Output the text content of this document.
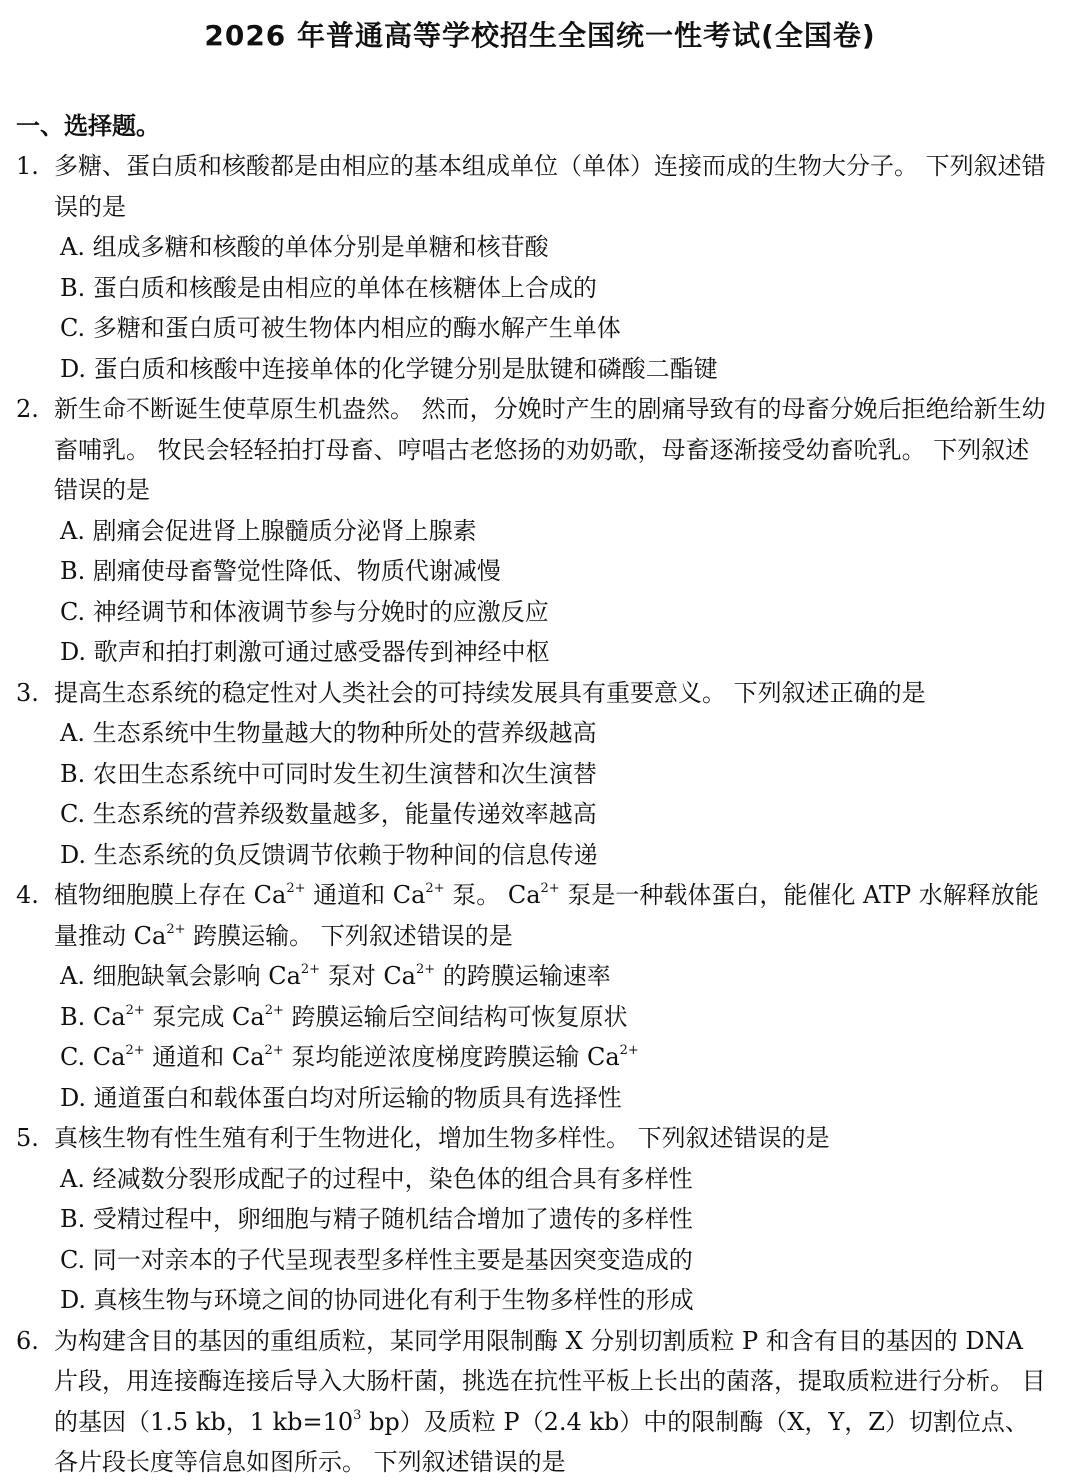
2026 年普通高等学校招生全国统一性考试(全国卷)
一、选择题。
1. 多糖、蛋白质和核酸都是由相应的基本组成单位（单体）连接而成的生物大分子。 下列叙述错误的是
A. 组成多糖和核酸的单体分别是单糖和核苷酸
B. 蛋白质和核酸是由相应的单体在核糖体上合成的
C. 多糖和蛋白质可被生物体内相应的酶水解产生单体
D. 蛋白质和核酸中连接单体的化学键分别是肽键和磷酸二酯键
2. 新生命不断诞生使草原生机盎然。 然而，分娩时产生的剧痛导致有的母畜分娩后拒绝给新生幼畜哺乳。 牧民会轻轻拍打母畜、哼唱古老悠扬的劝奶歌，母畜逐渐接受幼畜吮乳。 下列叙述错误的是
A. 剧痛会促进肾上腺髓质分泌肾上腺素
B. 剧痛使母畜警觉性降低、物质代谢减慢
C. 神经调节和体液调节参与分娩时的应激反应
D. 歌声和拍打刺激可通过感受器传到神经中枢
3. 提高生态系统的稳定性对人类社会的可持续发展具有重要意义。 下列叙述正确的是
A. 生态系统中生物量越大的物种所处的营养级越高
B. 农田生态系统中可同时发生初生演替和次生演替
C. 生态系统的营养级数量越多，能量传递效率越高
D. 生态系统的负反馈调节依赖于物种间的信息传递
4. 植物细胞膜上存在 $Ca^{2+}$ 通道和 $Ca^{2+}$ 泵。 $Ca^{2+}$ 泵是一种载体蛋白，能催化 ATP 水解释放能量推动 $Ca^{2+}$ 跨膜运输。 下列叙述错误的是
A. 细胞缺氧会影响 $Ca^{2+}$ 泵对 $Ca^{2+}$ 的跨膜运输速率
B. $Ca^{2+}$ 泵完成 $Ca^{2+}$ 跨膜运输后空间结构可恢复原状
C. $Ca^{2+}$ 通道和 $Ca^{2+}$ 泵均能逆浓度梯度跨膜运输 $Ca^{2+}$
D. 通道蛋白和载体蛋白均对所运输的物质具有选择性
5. 真核生物有性生殖有利于生物进化，增加生物多样性。 下列叙述错误的是
A. 经减数分裂形成配子的过程中，染色体的组合具有多样性
B. 受精过程中，卵细胞与精子随机结合增加了遗传的多样性
C. 同一对亲本的子代呈现表型多样性主要是基因突变造成的
D. 真核生物与环境之间的协同进化有利于生物多样性的形成
6. 为构建含目的基因的重组质粒，某同学用限制酶 X 分别切割质粒 P 和含有目的基因的 DNA 片段，用连接酶连接后导入大肠杆菌，挑选在抗性平板上长出的菌落，提取质粒进行分析。 目的基因（1.5 kb，1 $kb=10^3$ bp）及质粒 P（2.4 kb）中的限制酶（X，Y，Z）切割位点、各片段长度等信息如图所示。 下列叙述错误的是
